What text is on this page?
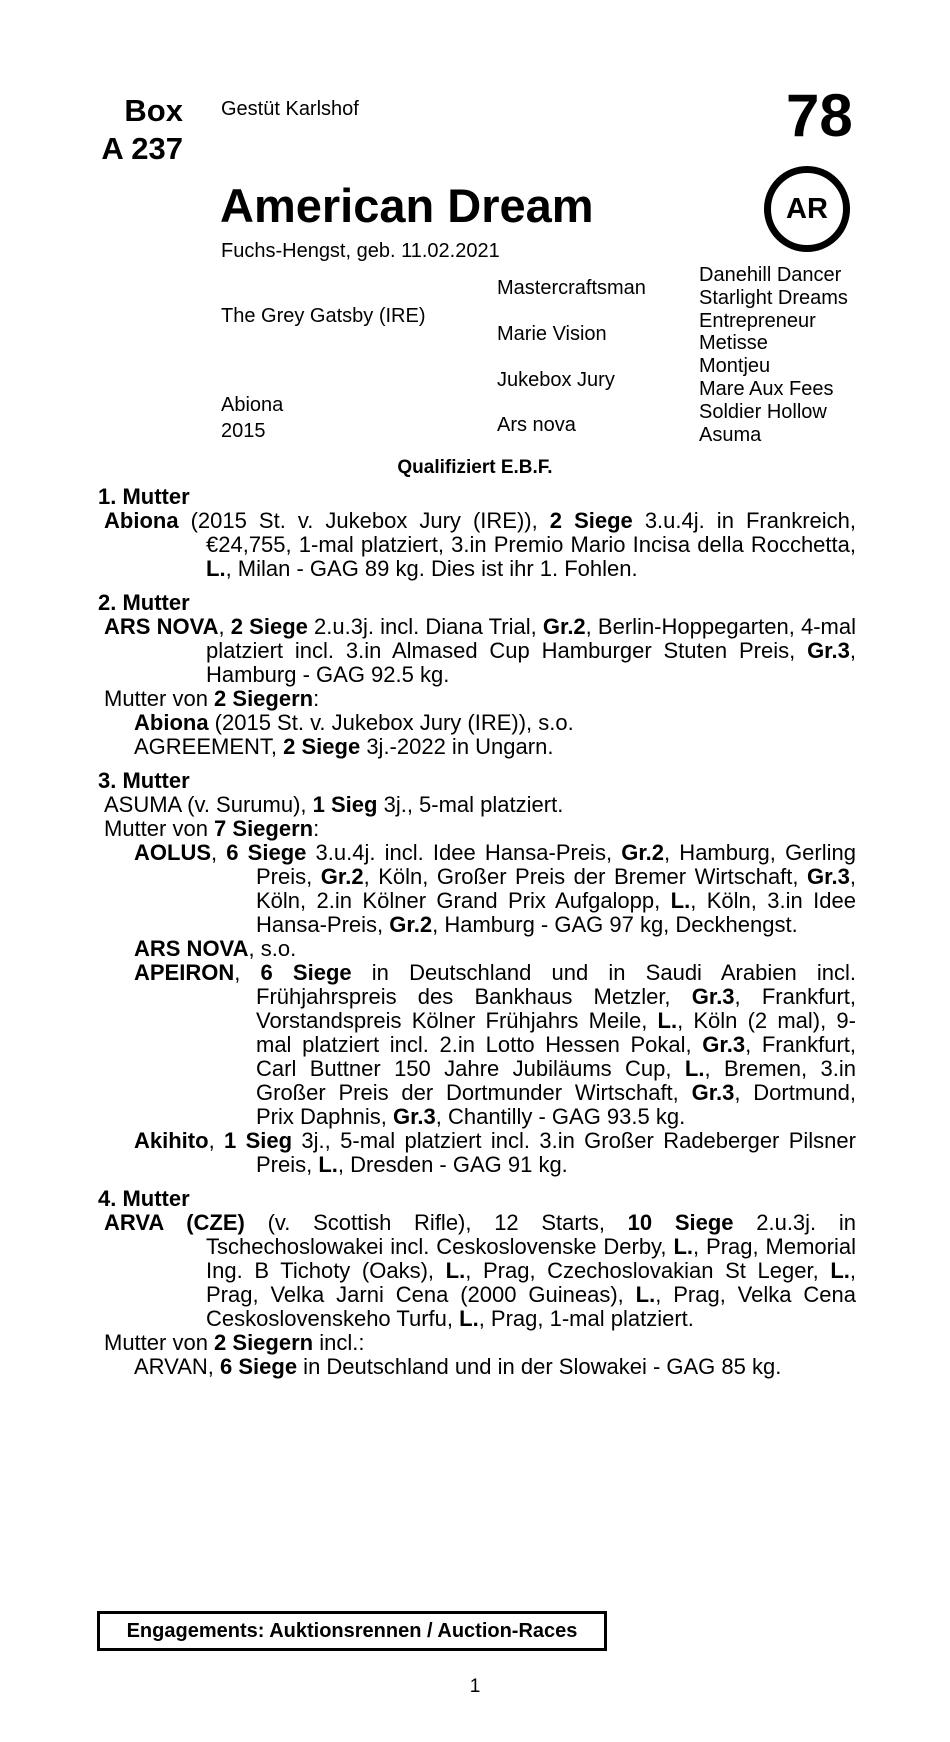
Box
A 237
Gestüt Karlshof	78
American Dream
Fuchs-Hengst, geb. 11.02.2021
AR
The Grey Gatsby (IRE)
Abiona
2015
Mastercraftsman
Marie Vision
Jukebox Jury
Ars nova
Danehill Dancer
Starlight Dreams
Entrepreneur
Metisse
Montjeu
Mare Aux Fees
Soldier Hollow
Asuma
Qualifiziert E.B.F.
1. Mutter
Abiona (2015 St. v. Jukebox Jury (IRE)), 2 Siege 3.u.4j. in Frankreich, €24,755, 1-mal platziert, 3.in Premio Mario Incisa della Rocchetta, L., Milan - GAG 89 kg. Dies ist ihr 1. Fohlen.
2. Mutter
ARS NOVA, 2 Siege 2.u.3j. incl. Diana Trial, Gr.2, Berlin-Hoppegarten, 4-mal platziert incl. 3.in Almased Cup Hamburger Stuten Preis, Gr.3, Hamburg - GAG 92.5 kg.
Mutter von 2 Siegern:
Abiona (2015 St. v. Jukebox Jury (IRE)), s.o.
AGREEMENT, 2 Siege 3j.-2022 in Ungarn.
3. Mutter
ASUMA (v. Surumu), 1 Sieg 3j., 5-mal platziert.
Mutter von 7 Siegern:
AOLUS, 6 Siege 3.u.4j. incl. Idee Hansa-Preis, Gr.2, Hamburg, Gerling Preis, Gr.2, Köln, Großer Preis der Bremer Wirtschaft, Gr.3, Köln, 2.in Kölner Grand Prix Aufgalopp, L., Köln, 3.in Idee Hansa-Preis, Gr.2, Hamburg - GAG 97 kg, Deckhengst.
ARS NOVA, s.o.
APEIRON, 6 Siege in Deutschland und in Saudi Arabien incl. Frühjahrspreis des Bankhaus Metzler, Gr.3, Frankfurt, Vorstandspreis Kölner Frühjahrs Meile, L., Köln (2 mal), 9-mal platziert incl. 2.in Lotto Hessen Pokal, Gr.3, Frankfurt, Carl Buttner 150 Jahre Jubiläums Cup, L., Bremen, 3.in Großer Preis der Dortmunder Wirtschaft, Gr.3, Dortmund, Prix Daphnis, Gr.3, Chantilly - GAG 93.5 kg.
Akihito, 1 Sieg 3j., 5-mal platziert incl. 3.in Großer Radeberger Pilsner Preis, L., Dresden - GAG 91 kg.
4. Mutter
ARVA (CZE) (v. Scottish Rifle), 12 Starts, 10 Siege 2.u.3j. in Tschechoslowakei incl. Ceskoslovenske Derby, L., Prag, Memorial Ing. B Tichoty (Oaks), L., Prag, Czechoslovakian St Leger, L., Prag, Velka Jarni Cena (2000 Guineas), L., Prag, Velka Cena Ceskoslovenskeho Turfu, L., Prag, 1-mal platziert.
Mutter von 2 Siegern incl.:
ARVAN, 6 Siege in Deutschland und in der Slowakei - GAG 85 kg.
Engagements: Auktionsrennen / Auction-Races
1
